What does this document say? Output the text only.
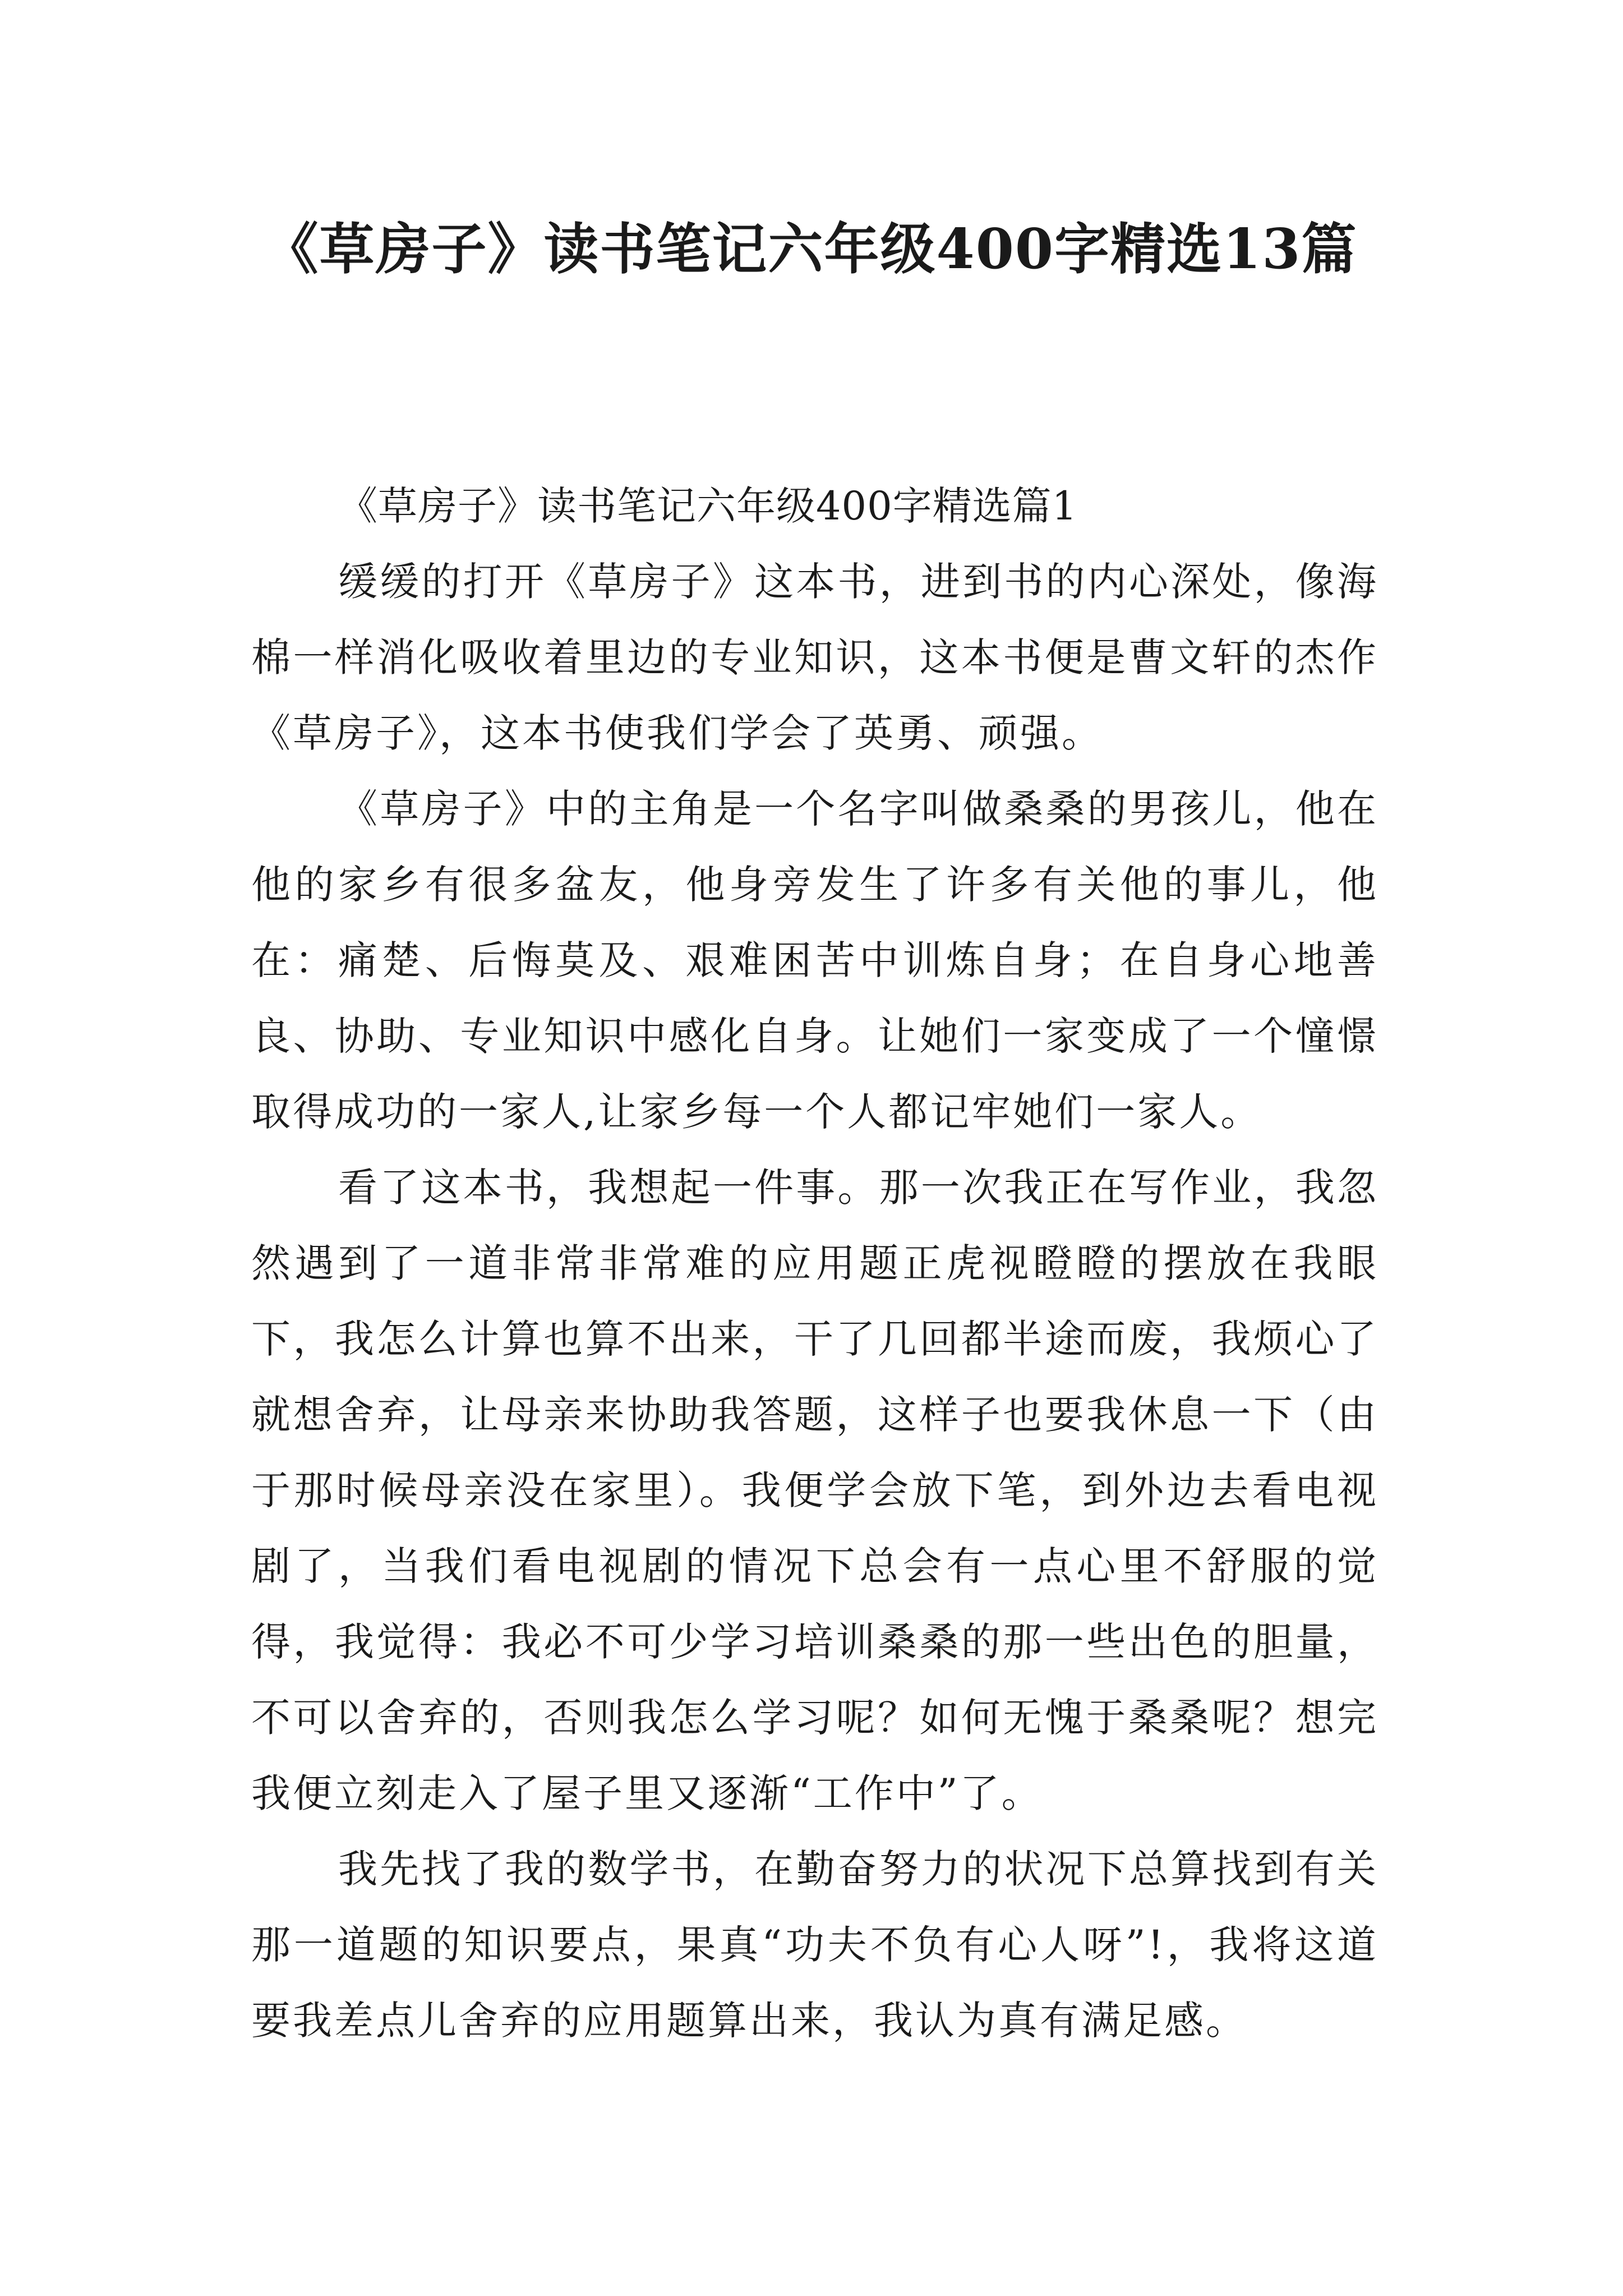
《草房子》读书笔记六年级400字精选13篇

《草房子》读书笔记六年级400字精选篇1

缓缓的打开《草房子》这本书，进到书的内心深处，像海棉一样消化吸收着里边的专业知识，这本书便是曹文轩的杰作《草房子》，这本书使我们学会了英勇、顽强。

《草房子》中的主角是一个名字叫做桑桑的男孩儿，他在他的家乡有很多盆友，他身旁发生了许多有关他的事儿，他在：痛楚、后悔莫及、艰难困苦中训炼自身；在自身心地善良、协助、专业知识中感化自身。让她们一家变成了一个憧憬取得成功的一家人,让家乡每一个人都记牢她们一家人。

看了这本书，我想起一件事。那一次我正在写作业，我忽然遇到了一道非常非常难的应用题正虎视瞪瞪的摆放在我眼下，我怎么计算也算不出来，干了几回都半途而废，我烦心了就想舍弃，让母亲来协助我答题，这样子也要我休息一下（由于那时候母亲没在家里）。我便学会放下笔，到外边去看电视剧了，当我们看电视剧的情况下总会有一点心里不舒服的觉得，我觉得：我必不可少学习培训桑桑的那一些出色的胆量，不可以舍弃的，否则我怎么学习呢？如何无愧于桑桑呢？想完我便立刻走入了屋子里又逐渐“工作中”了。

我先找了我的数学书，在勤奋努力的状况下总算找到有关那一道题的知识要点，果真“功夫不负有心人呀”!，我将这道要我差点儿舍弃的应用题算出来，我认为真有满足感。
